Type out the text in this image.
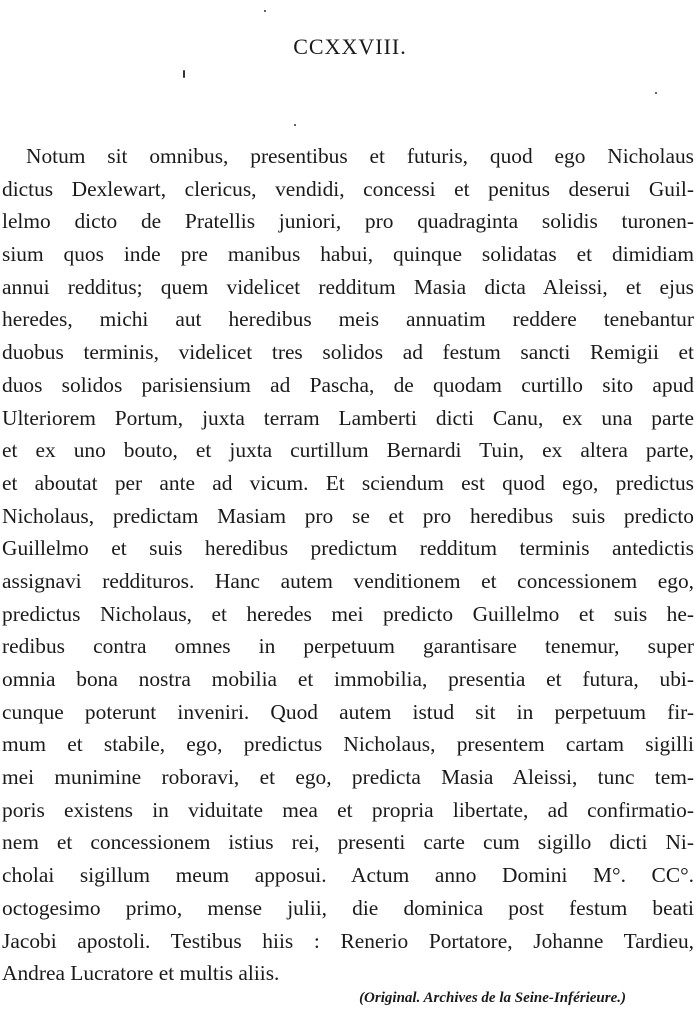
CCXXVIII.
Notum sit omnibus, presentibus et futuris, quod ego Nicholaus
dictus Dexlewart, clericus, vendidi, concessi et penitus deserui Guil-
lelmo dicto de Pratellis juniori, pro quadraginta solidis turonen-
sium quos inde pre manibus habui, quinque solidatas et dimidiam
annui redditus; quem videlicet redditum Masia dicta Aleissi, et ejus
heredes, michi aut heredibus meis annuatim reddere tenebantur
duobus terminis, videlicet tres solidos ad festum sancti Remigii et
duos solidos parisiensium ad Pascha, de quodam curtillo sito apud
Ulteriorem Portum, juxta terram Lamberti dicti Canu, ex una parte
et ex uno bouto, et juxta curtillum Bernardi Tuin, ex altera parte,
et aboutat per ante ad vicum. Et sciendum est quod ego, predictus
Nicholaus, predictam Masiam pro se et pro heredibus suis predicto
Guillelmo et suis heredibus predictum redditum terminis antedictis
assignavi reddituros. Hanc autem venditionem et concessionem ego,
predictus Nicholaus, et heredes mei predicto Guillelmo et suis he-
redibus contra omnes in perpetuum garantisare tenemur, super
omnia bona nostra mobilia et immobilia, presentia et futura, ubi-
cunque poterunt inveniri. Quod autem istud sit in perpetuum fir-
mum et stabile, ego, predictus Nicholaus, presentem cartam sigilli
mei munimine roboravi, et ego, predicta Masia Aleissi, tunc tem-
poris existens in viduitate mea et propria libertate, ad confirmatio-
nem et concessionem istius rei, presenti carte cum sigillo dicti Ni-
cholai sigillum meum apposui. Actum anno Domini M°. CC°.
octogesimo primo, mense julii, die dominica post festum beati
Jacobi apostoli. Testibus hiis : Renerio Portatore, Johanne Tardieu,
Andrea Lucratore et multis aliis.

(Original. Archives de la Seine-Inférieure.)
